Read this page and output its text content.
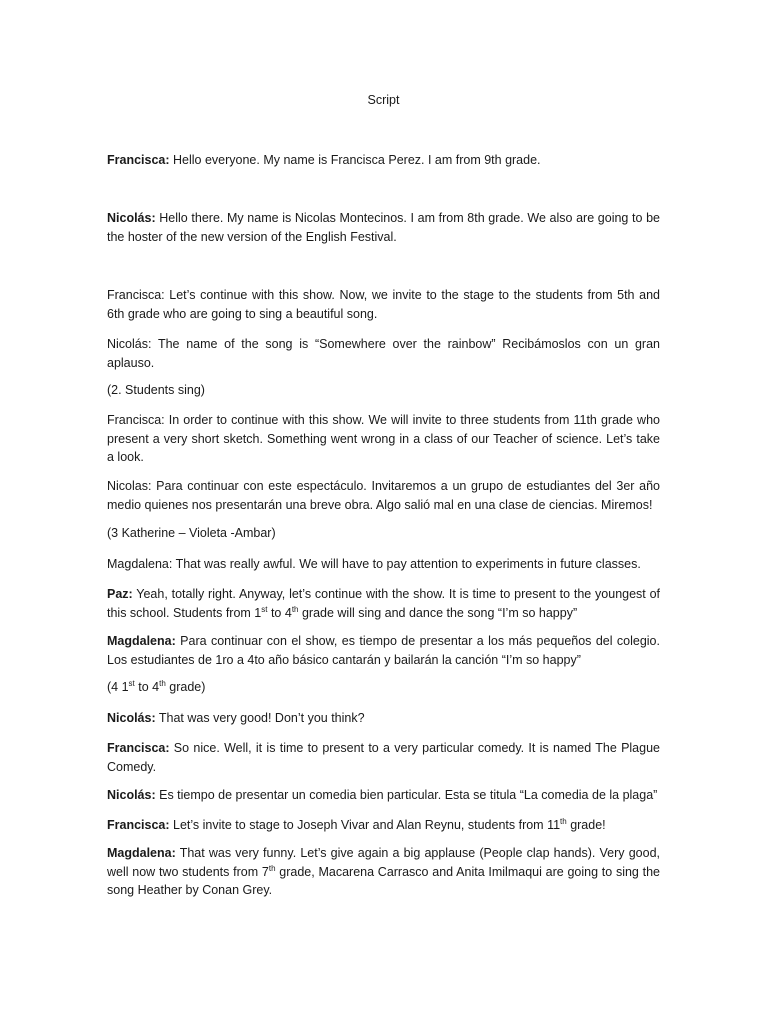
Script
Francisca: Hello everyone. My name is Francisca Perez. I am from 9th grade.
Nicolás: Hello there. My name is Nicolas Montecinos. I am from 8th grade. We also are going to be the hoster of the new version of the English Festival.
Francisca: Let’s continue with this show. Now, we invite to the stage to the students from 5th and 6th grade who are going to sing a beautiful song.
Nicolás: The name of the song is “Somewhere over the rainbow” Recibámoslos con un gran aplauso.
(2. Students sing)
Francisca: In order to continue with this show. We will invite to three students from 11th grade who present a very short sketch. Something went wrong in a class of our Teacher of science. Let’s take a look.
Nicolas: Para continuar con este espectáculo. Invitaremos a un grupo de estudiantes del 3er año medio quienes nos presentarán una breve obra. Algo salió mal en una clase de ciencias. Miremos!
(3 Katherine – Violeta -Ambar)
Magdalena: That was really awful. We will have to pay attention to experiments in future classes.
Paz: Yeah, totally right. Anyway, let’s continue with the show. It is time to present to the youngest of this school. Students from 1st to 4th grade will sing and dance the song “I’m so happy”
Magdalena: Para continuar con el show, es tiempo de presentar a los más pequeños del colegio. Los estudiantes de 1ro a 4to año básico cantarán y bailarán la canción “I’m so happy”
(4 1st to 4th grade)
Nicolás: That was very good! Don’t you think?
Francisca: So nice. Well, it is time to present to a very particular comedy. It is named The Plague Comedy.
Nicolás: Es tiempo de presentar un comedia bien particular. Esta se titula “La comedia de la plaga”
Francisca: Let’s invite to stage to Joseph Vivar and Alan Reynu, students from 11th grade!
Magdalena: That was very funny. Let’s give again a big applause (People clap hands). Very good, well now two students from 7th grade, Macarena Carrasco and Anita Imilmaqui are going to sing the song Heather by Conan Grey.
